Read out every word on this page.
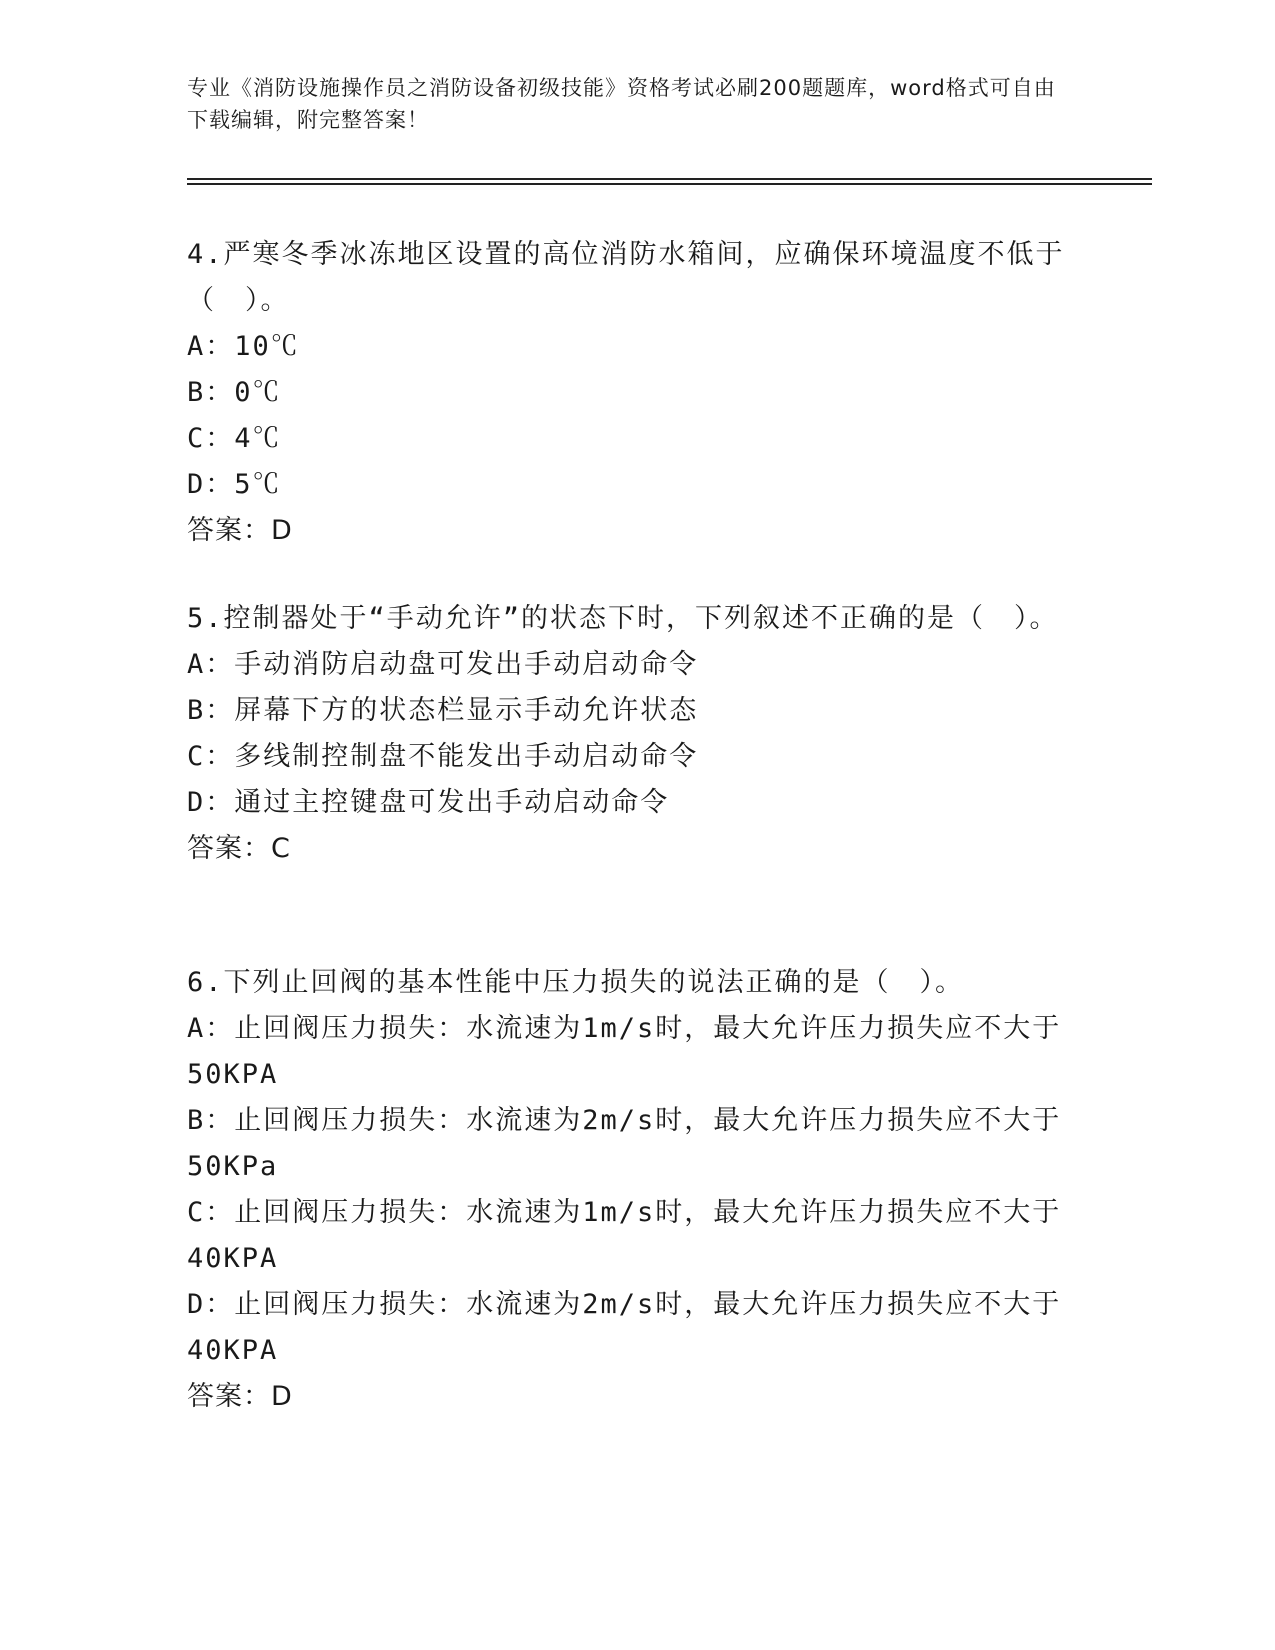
专业《消防设施操作员之消防设备初级技能》资格考试必刷200题题库，word格式可自由下载编辑，附完整答案！
4.严寒冬季冰冻地区设置的高位消防水箱间，应确保环境温度不低于（　）。
A：10℃
B：0℃
C：4℃
D：5℃
答案：D
5.控制器处于“手动允许”的状态下时，下列叙述不正确的是（　）。
A：手动消防启动盘可发出手动启动命令
B：屏幕下方的状态栏显示手动允许状态
C：多线制控制盘不能发出手动启动命令
D：通过主控键盘可发出手动启动命令
答案：C
6.下列止回阀的基本性能中压力损失的说法正确的是（　）。
A：止回阀压力损失：水流速为1m/s时，最大允许压力损失应不大于50KPA
B：止回阀压力损失：水流速为2m/s时，最大允许压力损失应不大于50KPa
C：止回阀压力损失：水流速为1m/s时，最大允许压力损失应不大于40KPA
D：止回阀压力损失：水流速为2m/s时，最大允许压力损失应不大于40KPA
答案：D
